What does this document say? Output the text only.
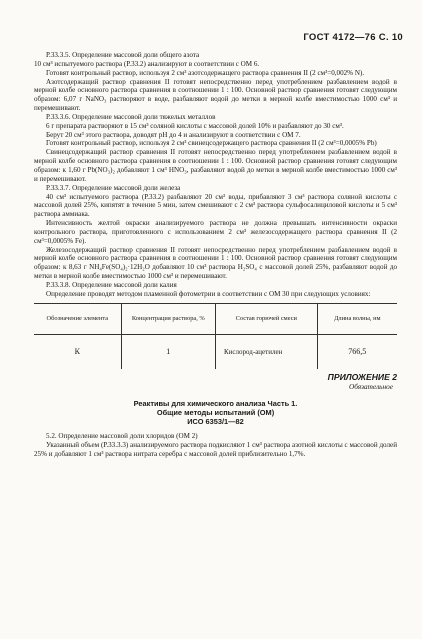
ГОСТ 4172—76 С. 10

Р.33.3.5. Определение массовой доли общего азота

10 см³ испытуемого раствора (Р.33.2) анализируют в соответствии с ОМ 6.

Готовят контрольный раствор, используя 2 см³ азотсодержащего раствора сравнения II (2 см³=0,002% N).

Азотсодержащий раствор сравнения II готовят непосредственно перед употреблением разбавлением водой в мерной колбе основного раствора сравнения в соотношении 1 : 100. Основной раствор сравнения готовят следующим образом: 6,07 г NaNO₃ растворяют в воде, разбавляют водой до метки в мерной колбе вместимостью 1000 см³ и перемешивают.

Р.33.3.6. Определение массовой доли тяжелых металлов

6 г препарата растворяют в 15 см³ соляной кислоты с массовой долей 10% и разбавляют до 30 см³.

Берут 20 см³ этого раствора, доводят pH до 4 и анализируют в соответствии с ОМ 7.

Готовят контрольный раствор, используя 2 см³ свинецсодержащего раствора сравнения II (2 см³=0,0005% Pb)

Свинецсодержащий раствор сравнения II готовят непосредственно перед употреблением разбавлением водой в мерной колбе основного раствора сравнения в соотношении 1 : 100. Основной раствор сравнения готовят следующим образом: к 1,60 г Pb(NO₃)₂ добавляют 1 см³ HNO₃, разбавляют водой до метки в мерной колбе вместимостью 1000 см³ и перемешивают.

Р.33.3.7. Определение массовой доли железа

40 см³ испытуемого раствора (Р.33.2) разбавляют 20 см³ воды, прибавляют 3 см³ раствора соляной кислоты с массовой долей 25%, кипятят в течение 5 мин, затем смешивают с 2 см³ раствора сульфосалициловой кислоты и 5 см³ раствора аммиака.

Интенсивность желтой окраски анализируемого раствора не должна превышать интенсивности окраски контрольного раствора, приготовленного с использованием 2 см³ железосодержащего раствора сравнения II (2 см³=0,0005% Fe).

Железосодержащий раствор сравнения II готовят непосредственно перед употреблением разбавлением водой в мерной колбе основного раствора сравнения в соотношении 1 : 100. Основной раствор сравнения готовят следующим образом: к 8,63 г NH₄Fe(SO₄)₂·12H₂O добавляют 10 см³ раствора H₂SO₄ с массовой долей 25%, разбавляют водой до метки в мерной колбе вместимостью 1000 см³ и перемешивают.

Р.33.3.8. Определение массовой доли калия

Определение проводят методом пламенной фотометрии в соответствии с ОМ 30 при следующих условиях:

Обозначение элемента	Концентрация раствора, %	Состав горючей смеси	Длина волны, нм
К	1	Кислород-ацетилен	766,5
ПРИЛОЖЕНИЕ 2
Обязательное
Реактивы для химического анализа Часть 1.
Общие методы испытаний (ОМ)
ИСО 6353/1—82

5.2. Определение массовой доли хлоридов (ОМ 2)

Указанный объем (Р.33.3.3) анализируемого раствора подкисляют 1 см³ раствора азотной кислоты с массовой долей 25% и добавляют 1 см³ раствора нитрата серебра с массовой долей приблизительно 1,7%.
